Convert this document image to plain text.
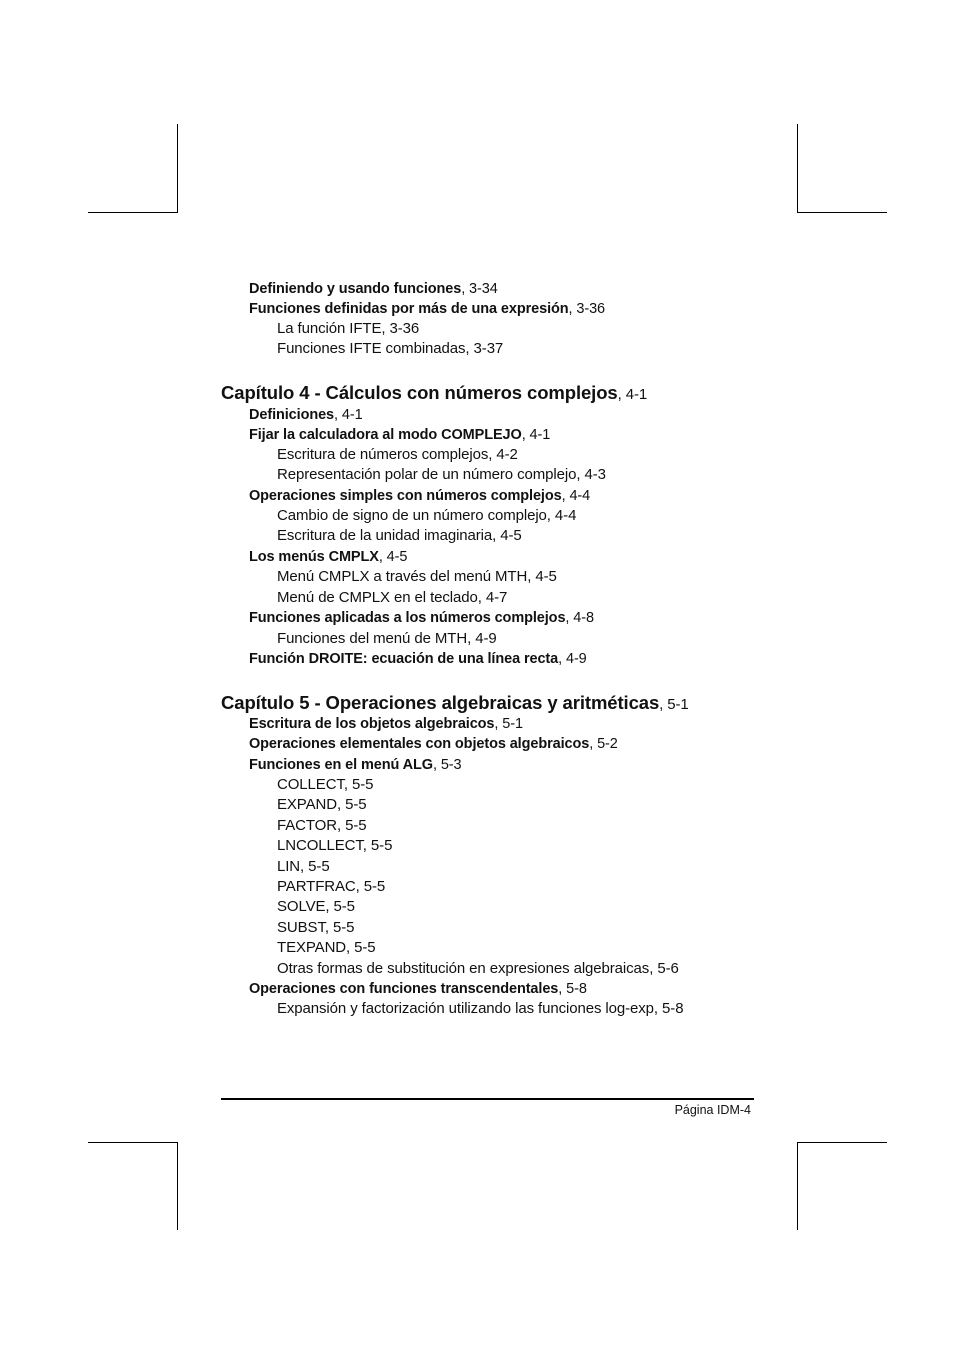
Definiendo y usando funciones, 3-34
Funciones definidas por más de una expresión, 3-36
La función IFTE, 3-36
Funciones IFTE combinadas, 3-37
Capítulo 4 - Cálculos con números complejos, 4-1
Definiciones, 4-1
Fijar la calculadora al modo COMPLEJO, 4-1
Escritura de números complejos, 4-2
Representación polar de un número complejo, 4-3
Operaciones simples con números complejos, 4-4
Cambio de signo de un número complejo, 4-4
Escritura de la unidad imaginaria, 4-5
Los menús CMPLX, 4-5
Menú CMPLX a través del menú MTH, 4-5
Menú de CMPLX en el teclado, 4-7
Funciones aplicadas a los números complejos, 4-8
Funciones del menú de MTH, 4-9
Función DROITE: ecuación de una línea recta, 4-9
Capítulo 5 - Operaciones algebraicas y aritméticas, 5-1
Escritura de los objetos algebraicos, 5-1
Operaciones elementales con objetos algebraicos, 5-2
Funciones en el menú ALG, 5-3
COLLECT, 5-5
EXPAND, 5-5
FACTOR, 5-5
LNCOLLECT, 5-5
LIN, 5-5
PARTFRAC, 5-5
SOLVE, 5-5
SUBST, 5-5
TEXPAND, 5-5
Otras formas de substitución en expresiones algebraicas, 5-6
Operaciones con funciones transcendentales, 5-8
Expansión y factorización utilizando las funciones log-exp, 5-8
Página IDM-4
